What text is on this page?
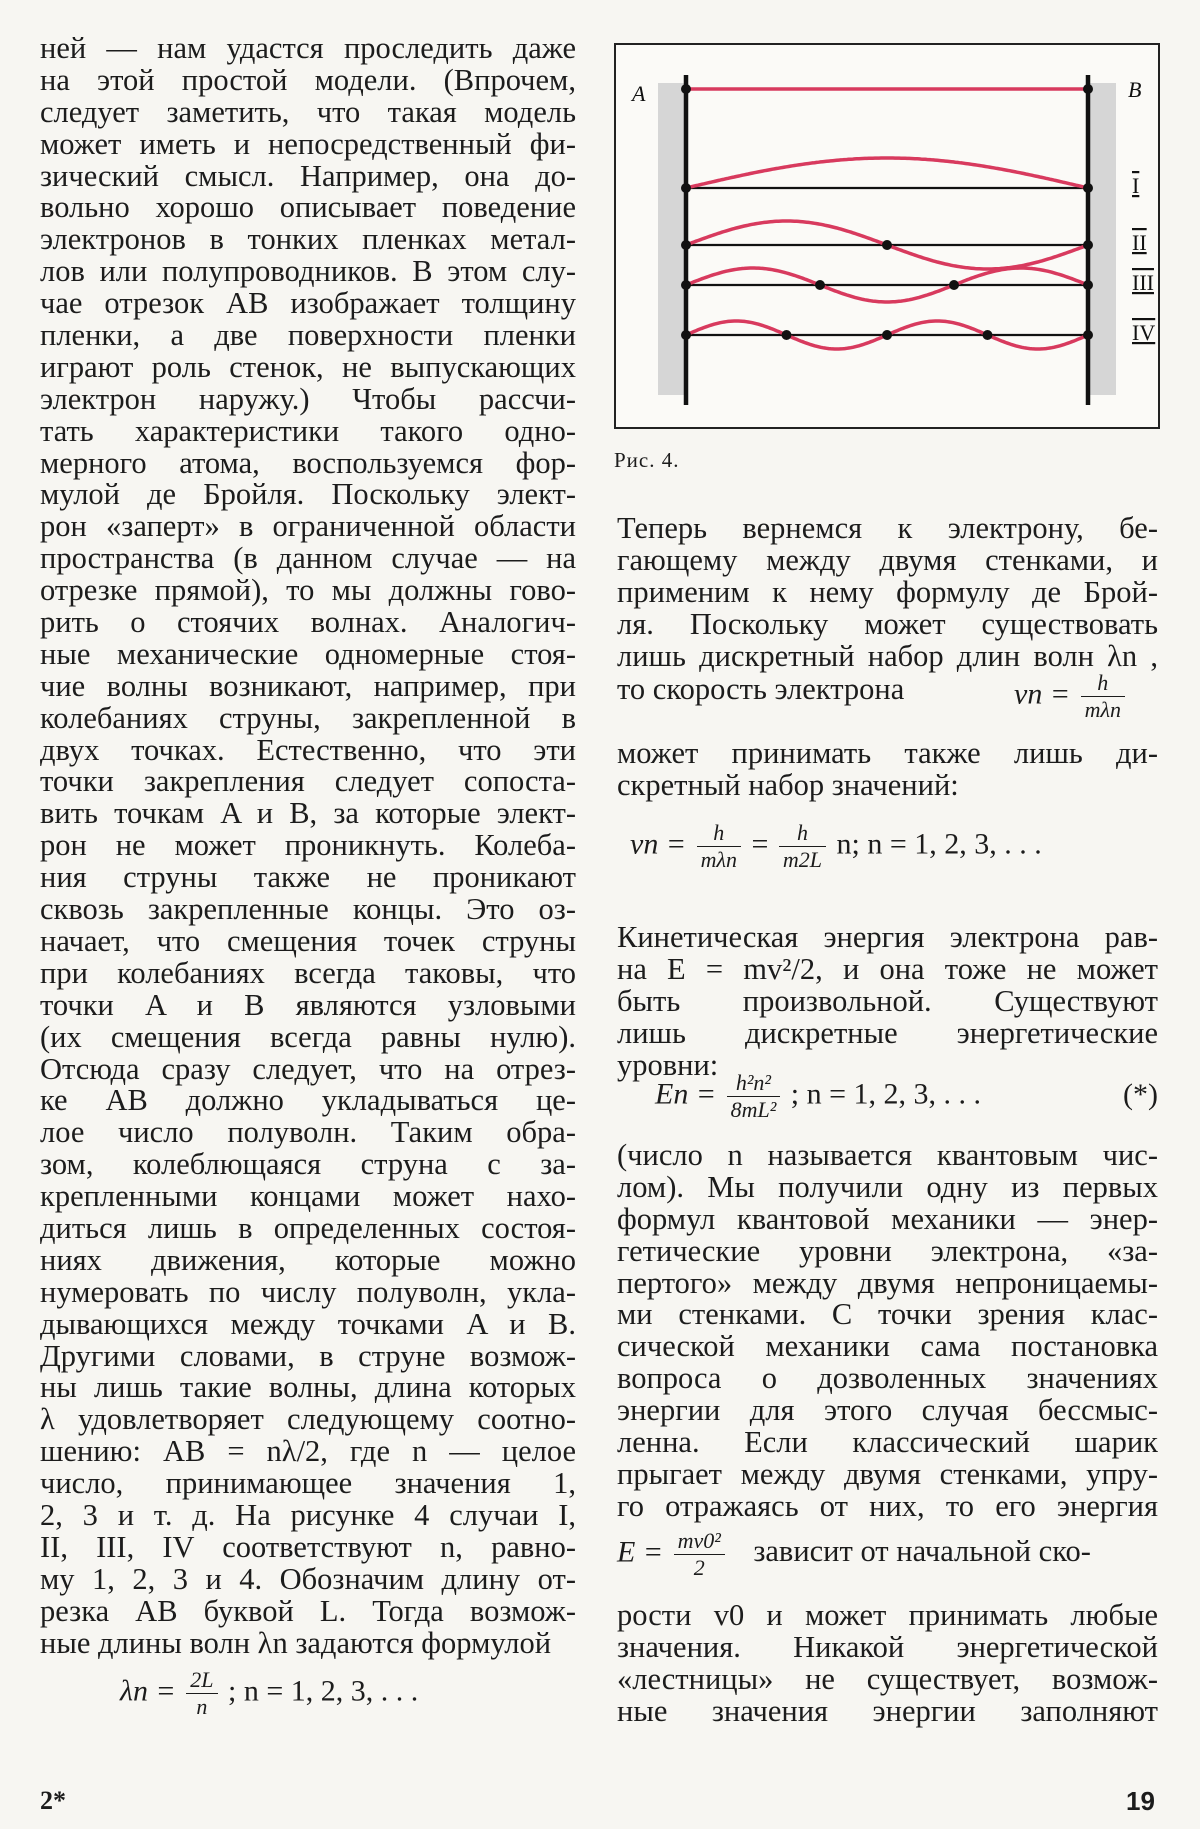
ней — нам удастся проследить даже
на этой простой модели. (Впрочем,
следует заметить, что такая модель
может иметь и непосредственный фи-
зический смысл. Например, она до-
вольно хорошо описывает поведение
электронов в тонких пленках метал-
лов или полупроводников. В этом слу-
чае отрезок AB изображает толщину
пленки, а две поверхности пленки
играют роль стенок, не выпускающих
электрон наружу.) Чтобы рассчи-
тать характеристики такого одно-
мерного атома, воспользуемся фор-
мулой де Бройля. Поскольку элект-
рон «заперт» в ограниченной области
пространства (в данном случае — на
отрезке прямой), то мы должны гово-
рить о стоячих волнах. Аналогич-
ные механические одномерные стоя-
чие волны возникают, например, при
колебаниях струны, закрепленной в
двух точках. Естественно, что эти
точки закрепления следует сопоста-
вить точкам A и B, за которые элект-
рон не может проникнуть. Колеба-
ния струны также не проникают
сквозь закрепленные концы. Это оз-
начает, что смещения точек струны
при колебаниях всегда таковы, что
точки A и B являются узловыми
(их смещения всегда равны нулю).
Отсюда сразу следует, что на отрез-
ке AB должно укладываться це-
лое число полуволн. Таким обра-
зом, колеблющаяся струна с за-
крепленными концами может нахо-
диться лишь в определенных состоя-
ниях движения, которые можно
нумеровать по числу полуволн, укла-
дывающихся между точками A и B.
Другими словами, в струне возмож-
ны лишь такие волны, длина которых
λ удовлетворяет следующему соотно-
шению: AB = nλ/2, где n — целое
число, принимающее значения 1,
2, 3 и т. д. На рисунке 4 случаи I,
II, III, IV соответствуют n, равно-
му 1, 2, 3 и 4. Обозначим длину от-
резка AB буквой L. Тогда возмож-
ные длины волн λn задаются формулой
$\lambda n = \frac{2L}{n}$ ; n = 1, 2, 3, . . .
A	B
I
II
III
IV
Рис. 4.
Теперь вернемся к электрону, бе-
гающему между двумя стенками, и
применим к нему формулу де Брой-
ля. Поскольку может существовать
лишь дискретный набор длин волн λn ,
то скорость электрона	vn = $\frac{h}{\text{mλn}}$
может принимать также лишь ди-
скретный набор значений:
vn = $\frac{h}{\text{mλn}} = \frac{h}{m2L} n$; n = 1, 2, 3, . . .
Кинетическая энергия электрона рав-
на E = mv²/2, и она тоже не может
быть произвольной. Существуют
лишь дискретные энергетические
уровни:
$En = \frac{\text{h²n²}}{\text{8mL²}}$ ; n = 1, 2, 3, . . .	(*)
(число n называется квантовым чис-
лом). Мы получили одну из первых
формул квантовой механики — энер-
гетические уровни электрона, «за-
пертого» между двумя непроницаемы-
ми стенками. С точки зрения клас-
сической механики сама постановка
вопроса о дозволенных значениях
энергии для этого случая бессмыс-
ленна. Если классический шарик
прыгает между двумя стенками, упру-
го отражаясь от них, то его энергия
$E = \frac{\text{mv0²}}{2}$ зависит от начальной ско-
рости v0 и может принимать любые
значения. Никакой энергетической
«лестницы» не существует, возмож-
ные значения энергии заполняют
2*	19
